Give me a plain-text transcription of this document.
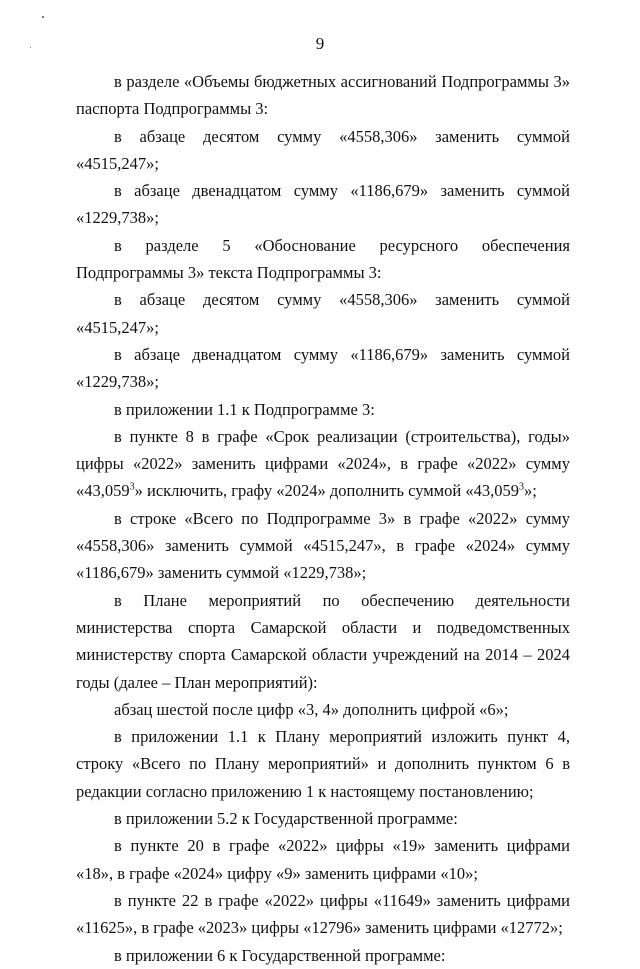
9

в разделе «Объемы бюджетных ассигнований Подпрограммы 3» паспорта Подпрограммы 3:

в абзаце десятом сумму «4558,306» заменить суммой «4515,247»;

в абзаце двенадцатом сумму «1186,679» заменить суммой «1229,738»;

в разделе 5 «Обоснование ресурсного обеспечения Подпрограммы 3» текста Подпрограммы 3:

в абзаце десятом сумму «4558,306» заменить суммой «4515,247»;

в абзаце двенадцатом сумму «1186,679» заменить суммой «1229,738»;

в приложении 1.1 к Подпрограмме 3:

в пункте 8 в графе «Срок реализации (строительства), годы» цифры «2022» заменить цифрами «2024», в графе «2022» сумму «43,059$^3$» исключить, графу «2024» дополнить суммой «43,059$^3$»;

в строке «Всего по Подпрограмме 3» в графе «2022» сумму «4558,306» заменить суммой «4515,247», в графе «2024» сумму «1186,679» заменить суммой «1229,738»;

в Плане мероприятий по обеспечению деятельности министерства спорта Самарской области и подведомственных министерству спорта Самарской области учреждений на 2014 – 2024 годы (далее – План мероприятий):

абзац шестой после цифр «3, 4» дополнить цифрой «6»;

в приложении 1.1 к Плану мероприятий изложить пункт 4, строку «Всего по Плану мероприятий» и дополнить пунктом 6 в редакции согласно приложению 1 к настоящему постановлению;

в приложении 5.2 к Государственной программе:

в пункте 20 в графе «2022» цифры «19» заменить цифрами «18», в графе «2024» цифру «9» заменить цифрами «10»;

в пункте 22 в графе «2022» цифры «11649» заменить цифрами «11625», в графе «2023» цифры «12796» заменить цифрами «12772»;

в приложении 6 к Государственной программе:
